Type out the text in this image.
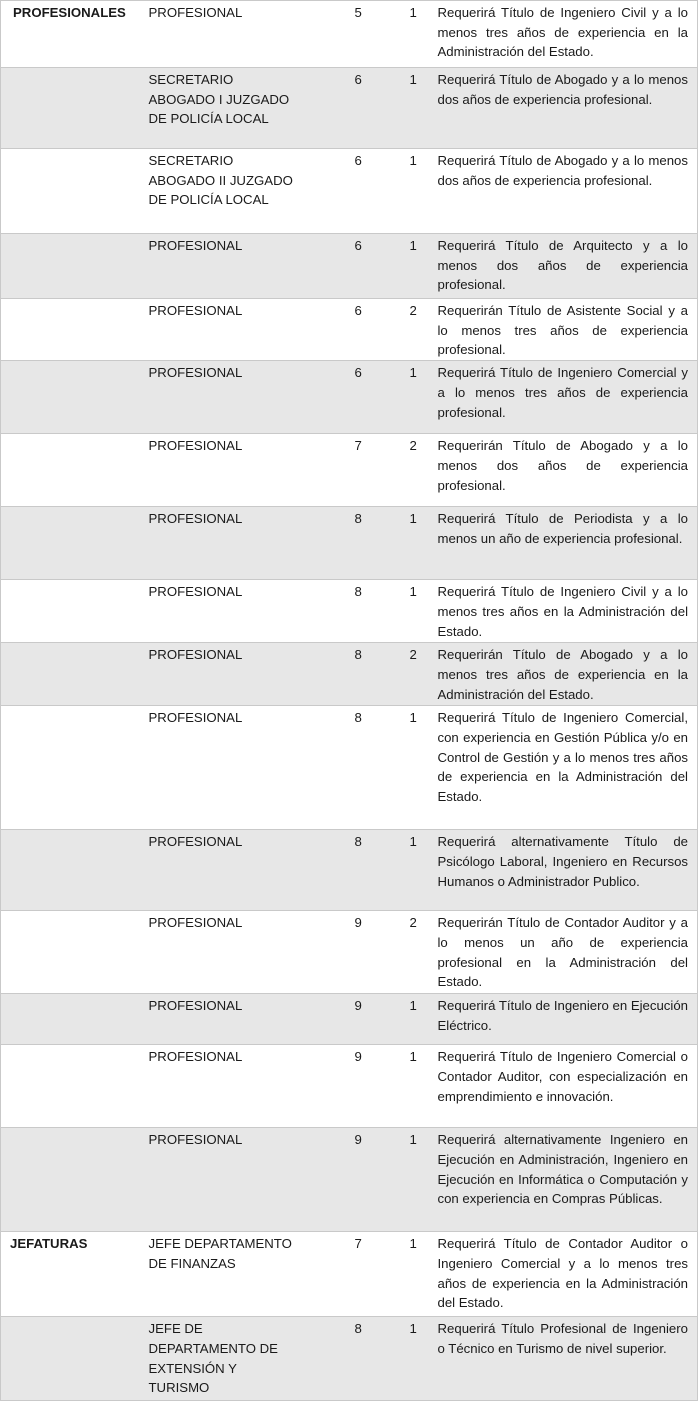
PROFESIONALES	PROFESIONAL	5	1	Requerirá Título de Ingeniero Civil y a lo menos tres años de experiencia en la Administración del Estado.
	SECRETARIO ABOGADO I JUZGADO DE POLICÍA LOCAL	6	1	Requerirá Título de Abogado y a lo menos dos años de experiencia profesional.
	SECRETARIO ABOGADO II JUZGADO DE POLICÍA LOCAL	6	1	Requerirá Título de Abogado y a lo menos dos años de experiencia profesional.
	PROFESIONAL	6	1	Requerirá Título de Arquitecto y a lo menos dos años de experiencia profesional.
	PROFESIONAL	6	2	Requerirán Título de Asistente Social y a lo menos tres años de experiencia profesional.
	PROFESIONAL	6	1	Requerirá Título de Ingeniero Comercial y a lo menos tres años de experiencia profesional.
	PROFESIONAL	7	2	Requerirán Título de Abogado y a lo menos dos años de experiencia profesional.
	PROFESIONAL	8	1	Requerirá Título de Periodista y a lo menos un año de experiencia profesional.
	PROFESIONAL	8	1	Requerirá Título de Ingeniero Civil y a lo menos tres años en la Administración del Estado.
	PROFESIONAL	8	2	Requerirán Título de Abogado y a lo menos tres años de experiencia en la Administración del Estado.
	PROFESIONAL	8	1	Requerirá Título de Ingeniero Comercial, con experiencia en Gestión Pública y/o en Control de Gestión y a lo menos tres años de experiencia en la Administración del Estado.
	PROFESIONAL	8	1	Requerirá alternativamente Título de Psicólogo Laboral, Ingeniero en Recursos Humanos o Administrador Publico.
	PROFESIONAL	9	2	Requerirán Título de Contador Auditor y a lo menos un año de experiencia profesional en la Administración del Estado.
	PROFESIONAL	9	1	Requerirá Título de Ingeniero en Ejecución Eléctrico.
	PROFESIONAL	9	1	Requerirá Título de Ingeniero Comercial o Contador Auditor, con especialización en emprendimiento e innovación.
	PROFESIONAL	9	1	Requerirá alternativamente Ingeniero en Ejecución en Administración, Ingeniero en Ejecución en Informática o Computación y con experiencia en Compras Públicas.
JEFATURAS	JEFE DEPARTAMENTO DE FINANZAS	7	1	Requerirá Título de Contador Auditor o Ingeniero Comercial y a lo menos tres años de experiencia en la Administración del Estado.
	JEFE DE DEPARTAMENTO DE EXTENSIÓN Y TURISMO	8	1	Requerirá Título Profesional de Ingeniero o Técnico en Turismo de nivel superior.
